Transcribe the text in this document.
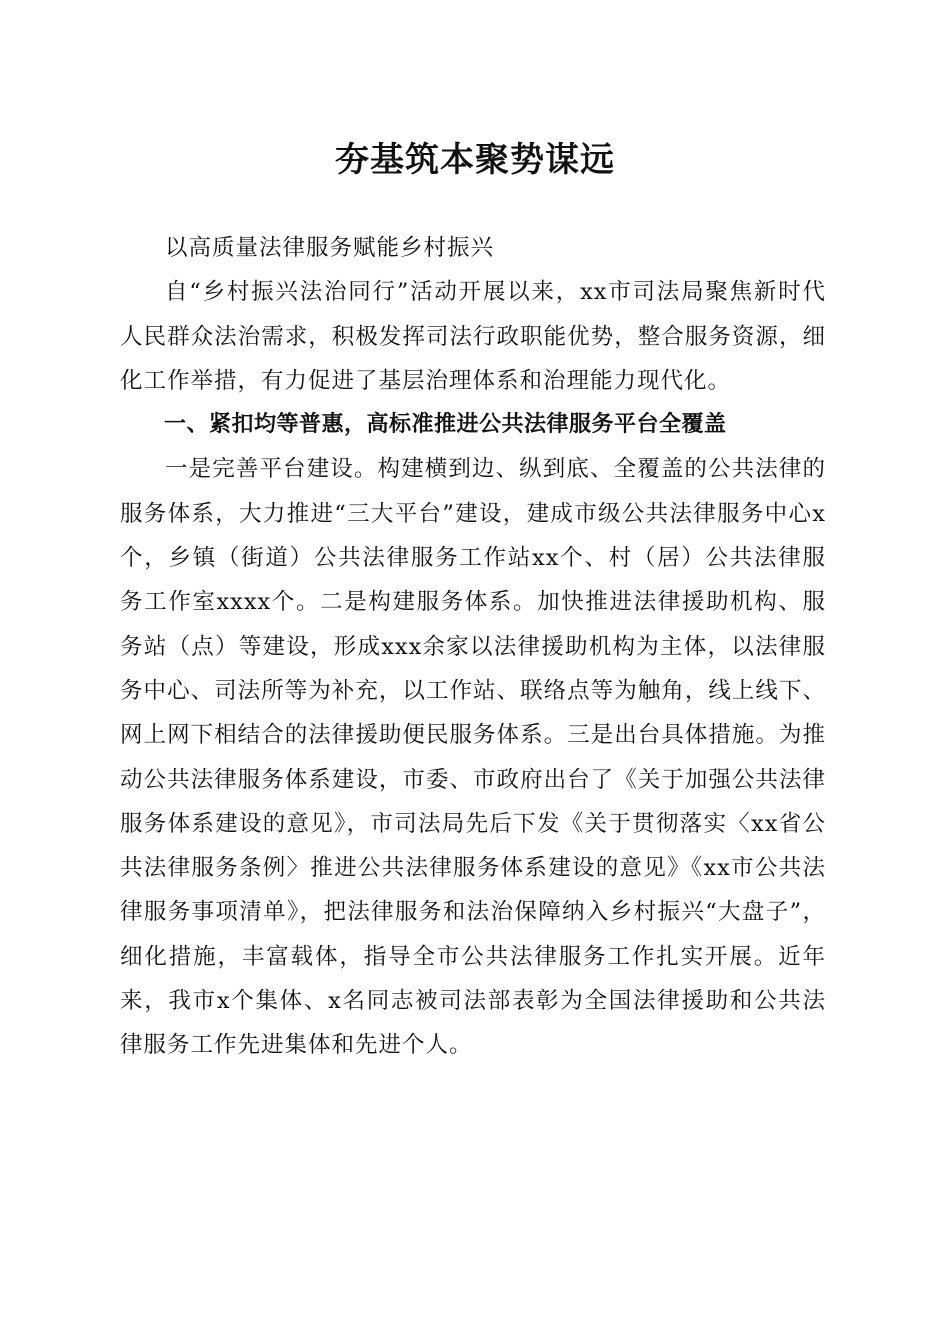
夯基筑本聚势谋远

以高质量法律服务赋能乡村振兴

自“乡村振兴法治同行”活动开展以来，xx市司法局聚焦新时代人民群众法治需求，积极发挥司法行政职能优势，整合服务资源，细化工作举措，有力促进了基层治理体系和治理能力现代化。

一、紧扣均等普惠，高标准推进公共法律服务平台全覆盖

一是完善平台建设。构建横到边、纵到底、全覆盖的公共法律的服务体系，大力推进“三大平台”建设，建成市级公共法律服务中心x个，乡镇（街道）公共法律服务工作站xx个、村（居）公共法律服务工作室xxxx个。二是构建服务体系。加快推进法律援助机构、服务站（点）等建设，形成xxx余家以法律援助机构为主体，以法律服务中心、司法所等为补充，以工作站、联络点等为触角，线上线下、网上网下相结合的法律援助便民服务体系。三是出台具体措施。为推动公共法律服务体系建设，市委、市政府出台了《关于加强公共法律服务体系建设的意见》，市司法局先后下发《关于贯彻落实〈xx省公共法律服务条例〉推进公共法律服务体系建设的意见》《xx市公共法律服务事项清单》，把法律服务和法治保障纳入乡村振兴“大盘子”，细化措施，丰富载体，指导全市公共法律服务工作扎实开展。近年来，我市x个集体、x名同志被司法部表彰为全国法律援助和公共法律服务工作先进集体和先进个人。
